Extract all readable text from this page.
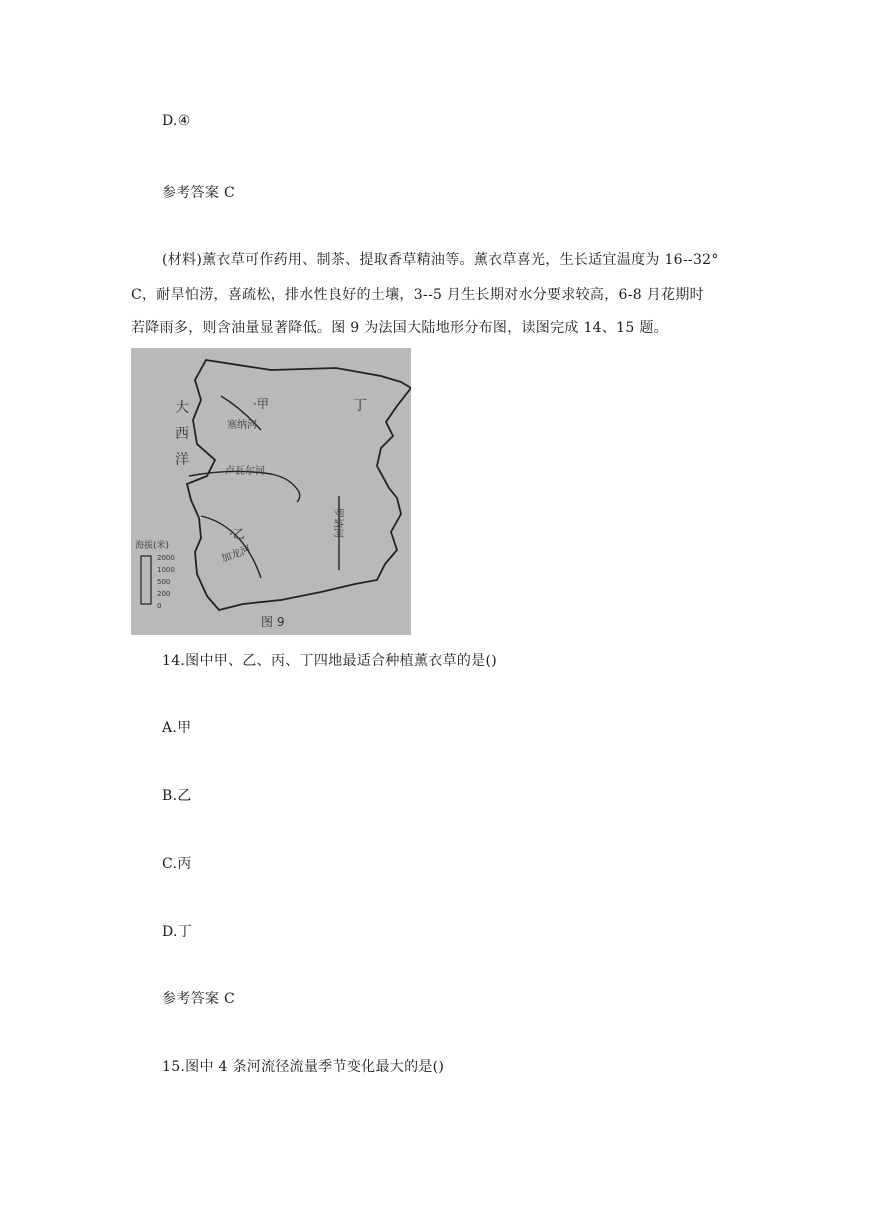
D.④
参考答案 C
(材料)薰衣草可作药用、制茶、提取香草精油等。薰衣草喜光，生长适宜温度为 16--32°
C，耐旱怕涝，喜疏松，排水性良好的土壤，3--5 月生长期对水分要求较高，6-8 月花期时
若降雨多，则含油量显著降低。图 9 为法国大陆地形分布图，读图完成 14、15 题。
大
西
洋
·甲	丁
·乙
塞纳河
卢瓦尔河
加龙河
罗讷河
海拔(米)
2000
1000
500
200
0
图 9
14.图中甲、乙、丙、丁四地最适合种植薰衣草的是()
A.甲
B.乙
C.丙
D.丁
参考答案 C
15.图中 4 条河流径流量季节变化最大的是()
